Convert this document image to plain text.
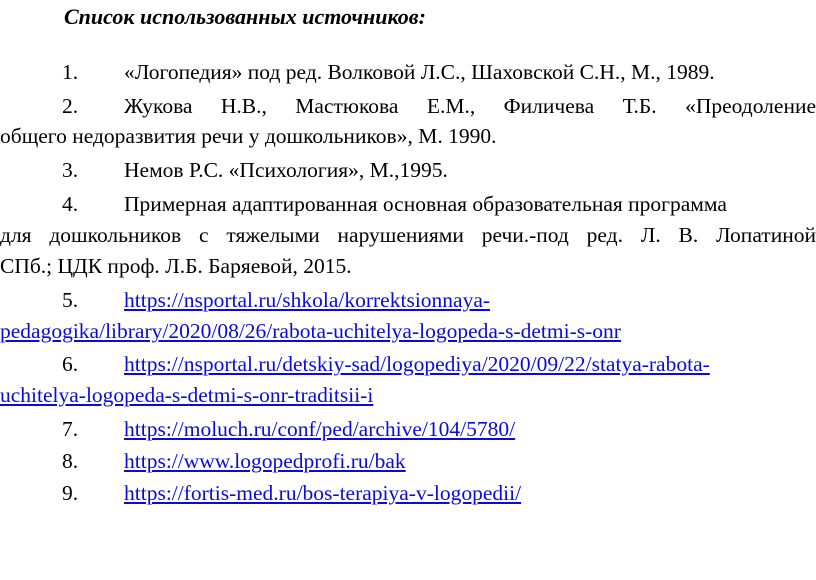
Список использованных источников:
1. «Логопедия» под ред. Волковой Л.С., Шаховской С.Н., М., 1989.
2. Жукова Н.В., Мастюкова Е.М., Филичева Т.Б. «Преодоление
общего недоразвития речи у дошкольников», М. 1990.
3. Немов Р.С. «Психология», М.,1995.
4. Примерная адаптированная основная образовательная программа
для дошкольников с тяжелыми нарушениями речи.-под ред. Л. В. Лопатиной
СПб.; ЦДК проф. Л.Б. Баряевой, 2015.
5. https://nsportal.ru/shkola/korrektsionnaya-
pedagogika/library/2020/08/26/rabota-uchitelya-logopeda-s-detmi-s-onr
6. https://nsportal.ru/detskiy-sad/logopediya/2020/09/22/statya-rabota-
uchitelya-logopeda-s-detmi-s-onr-traditsii-i
7. https://moluch.ru/conf/ped/archive/104/5780/
8. https://www.logopedprofi.ru/bak
9. https://fortis-med.ru/bos-terapiya-v-logopedii/
